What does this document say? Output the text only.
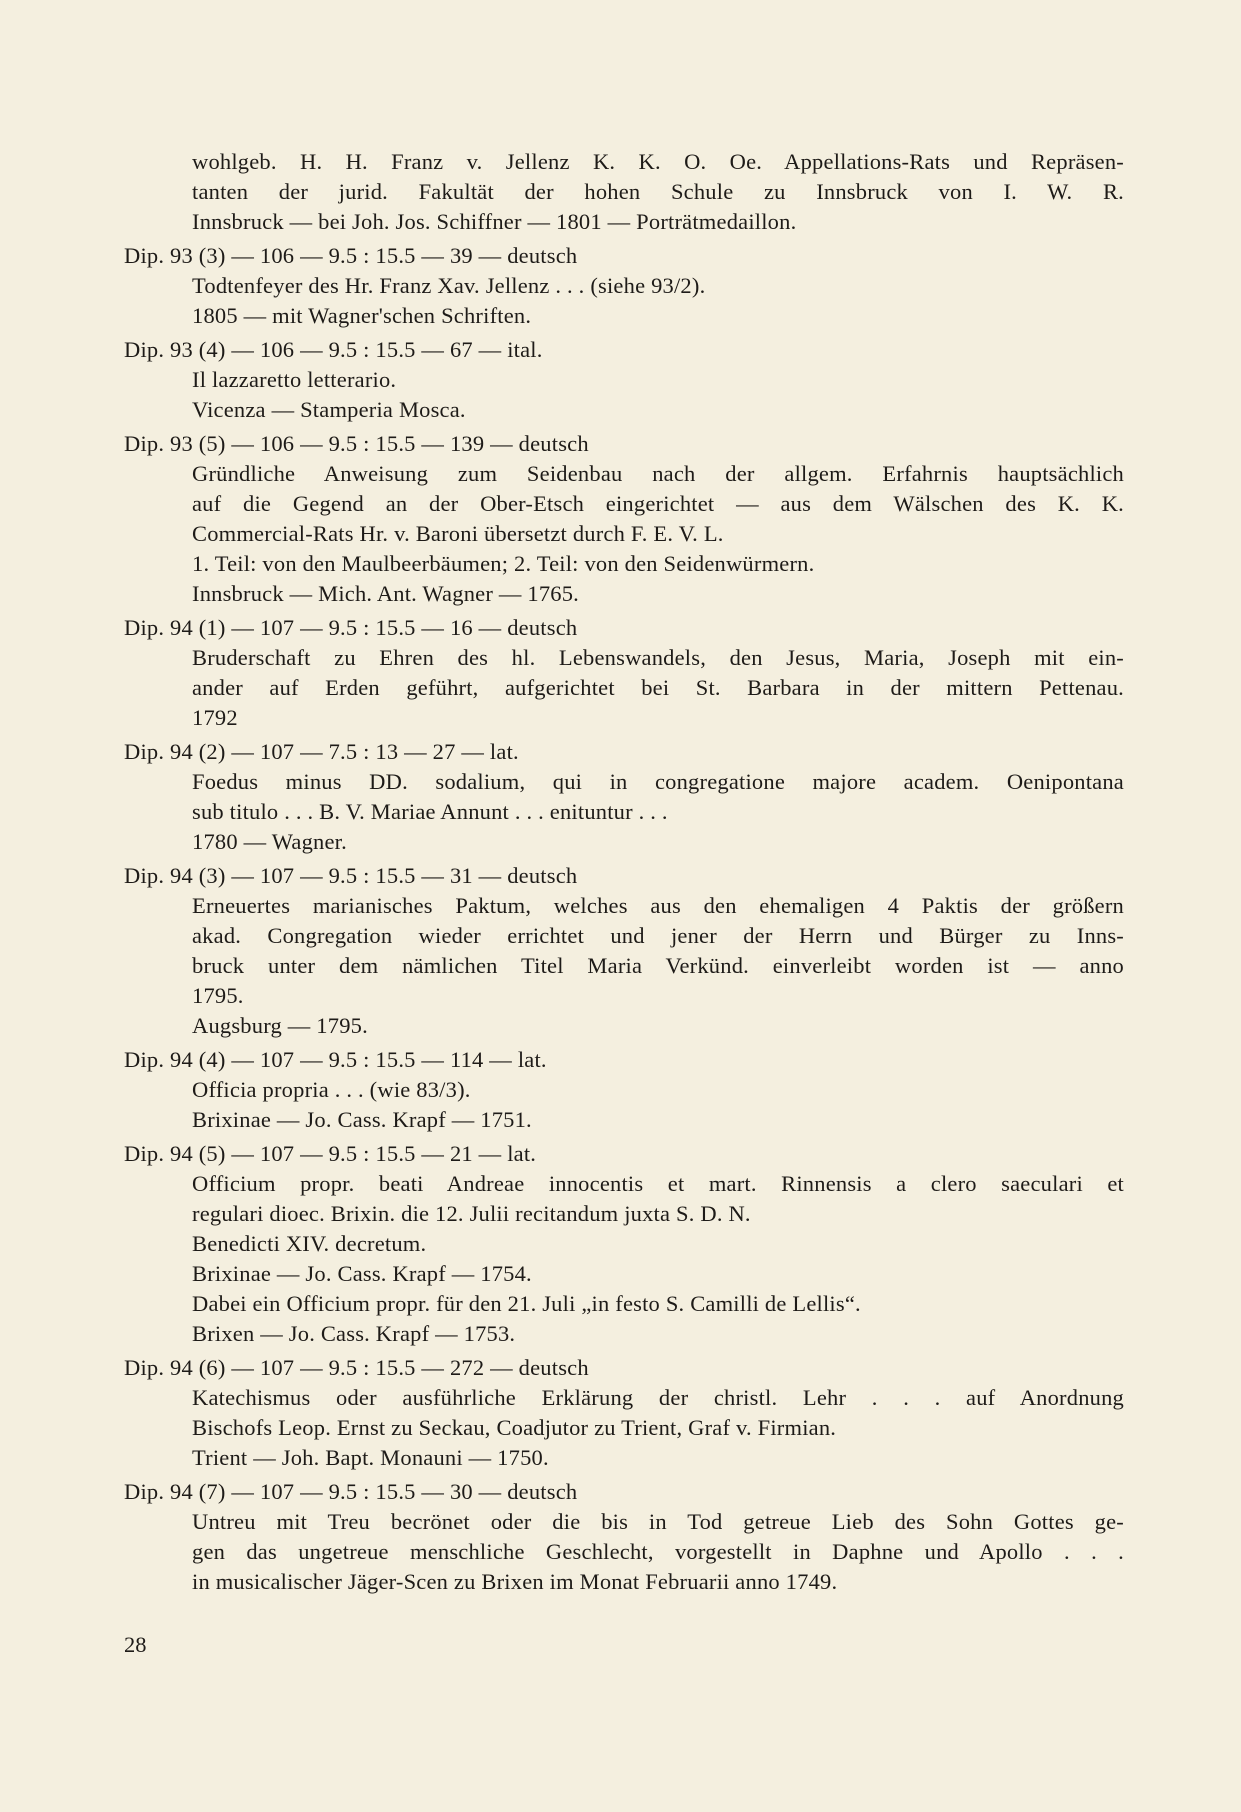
wohlgeb. H. H. Franz v. Jellenz K. K. O. Oe. Appellations-Rats und Repräsen-
tanten der jurid. Fakultät der hohen Schule zu Innsbruck von I. W. R.
Innsbruck — bei Joh. Jos. Schiffner — 1801 — Porträtmedaillon.
Dip. 93 (3) — 106 — 9.5 : 15.5 — 39 — deutsch
Todtenfeyer des Hr. Franz Xav. Jellenz . . . (siehe 93/2).
1805 — mit Wagner'schen Schriften.
Dip. 93 (4) — 106 — 9.5 : 15.5 — 67 — ital.
Il lazzaretto letterario.
Vicenza — Stamperia Mosca.
Dip. 93 (5) — 106 — 9.5 : 15.5 — 139 — deutsch
Gründliche Anweisung zum Seidenbau nach der allgem. Erfahrnis hauptsächlich
auf die Gegend an der Ober-Etsch eingerichtet — aus dem Wälschen des K. K.
Commercial-Rats Hr. v. Baroni übersetzt durch F. E. V. L.
1. Teil: von den Maulbeerbäumen; 2. Teil: von den Seidenwürmern.
Innsbruck — Mich. Ant. Wagner — 1765.
Dip. 94 (1) — 107 — 9.5 : 15.5 — 16 — deutsch
Bruderschaft zu Ehren des hl. Lebenswandels, den Jesus, Maria, Joseph mit ein-
ander auf Erden geführt, aufgerichtet bei St. Barbara in der mittern Pettenau.
1792
Dip. 94 (2) — 107 — 7.5 : 13 — 27 — lat.
Foedus minus DD. sodalium, qui in congregatione majore academ. Oenipontana
sub titulo . . . B. V. Mariae Annunt . . . enituntur . . .
1780 — Wagner.
Dip. 94 (3) — 107 — 9.5 : 15.5 — 31 — deutsch
Erneuertes marianisches Paktum, welches aus den ehemaligen 4 Paktis der größern
akad. Congregation wieder errichtet und jener der Herrn und Bürger zu Inns-
bruck unter dem nämlichen Titel Maria Verkünd. einverleibt worden ist — anno
1795.
Augsburg — 1795.
Dip. 94 (4) — 107 — 9.5 : 15.5 — 114 — lat.
Officia propria . . . (wie 83/3).
Brixinae — Jo. Cass. Krapf — 1751.
Dip. 94 (5) — 107 — 9.5 : 15.5 — 21 — lat.
Officium propr. beati Andreae innocentis et mart. Rinnensis a clero saeculari et
regulari dioec. Brixin. die 12. Julii recitandum juxta S. D. N.
Benedicti XIV. decretum.
Brixinae — Jo. Cass. Krapf — 1754.
Dabei ein Officium propr. für den 21. Juli „in festo S. Camilli de Lellis“.
Brixen — Jo. Cass. Krapf — 1753.
Dip. 94 (6) — 107 — 9.5 : 15.5 — 272 — deutsch
Katechismus oder ausführliche Erklärung der christl. Lehr . . . auf Anordnung
Bischofs Leop. Ernst zu Seckau, Coadjutor zu Trient, Graf v. Firmian.
Trient — Joh. Bapt. Monauni — 1750.
Dip. 94 (7) — 107 — 9.5 : 15.5 — 30 — deutsch
Untreu mit Treu becrönet oder die bis in Tod getreue Lieb des Sohn Gottes ge-
gen das ungetreue menschliche Geschlecht, vorgestellt in Daphne und Apollo . . .
in musicalischer Jäger-Scen zu Brixen im Monat Februarii anno 1749.
28
